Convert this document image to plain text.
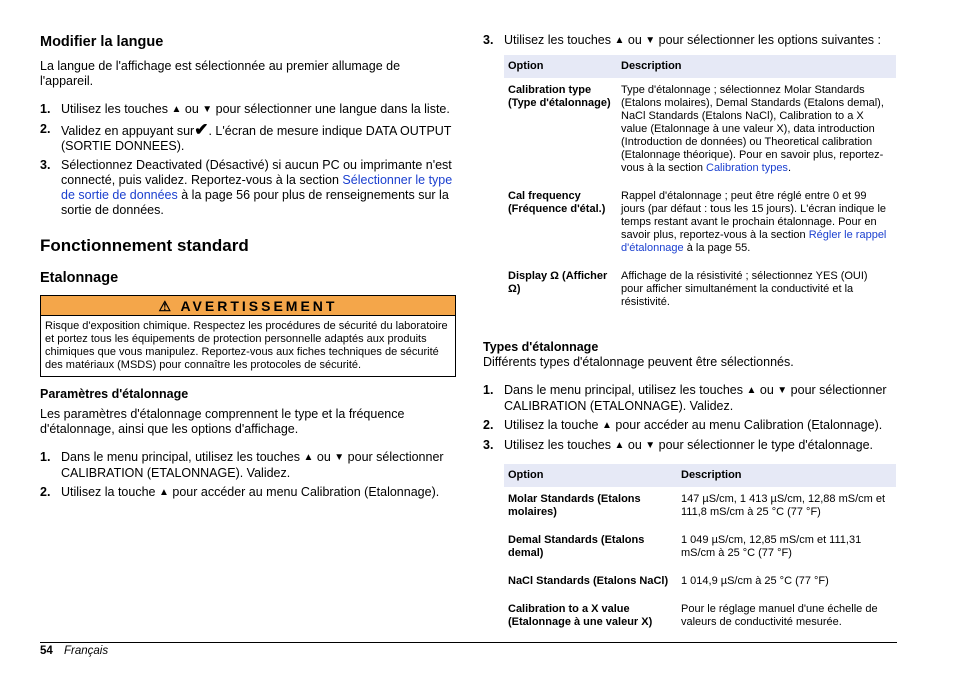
Modifier la langue

La langue de l'affichage est sélectionnée au premier allumage de l'appareil.

1. Utilisez les touches ▲ ou ▼ pour sélectionner une langue dans la liste.
2. Validez en appuyant sur✔. L'écran de mesure indique DATA OUTPUT (SORTIE DONNEES).
3. Sélectionnez Deactivated (Désactivé) si aucun PC ou imprimante n'est connecté, puis validez. Reportez-vous à la section Sélectionner le type de sortie de données à la page 56 pour plus de renseignements sur la sortie de données.
Fonctionnement standard
Etalonnage
⚠ AVERTISSEMENT
Risque d'exposition chimique. Respectez les procédures de sécurité du laboratoire et portez tous les équipements de protection personnelle adaptés aux produits chimiques que vous manipulez. Reportez-vous aux fiches techniques de sécurité des matériaux (MSDS) pour connaître les protocoles de sécurité.
Paramètres d'étalonnage

Les paramètres d'étalonnage comprennent le type et la fréquence d'étalonnage, ainsi que les options d'affichage.

1. Dans le menu principal, utilisez les touches ▲ ou ▼ pour sélectionner CALIBRATION (ETALONNAGE). Validez.
2. Utilisez la touche ▲ pour accéder au menu Calibration (Etalonnage).
3. Utilisez les touches ▲ ou ▼ pour sélectionner les options suivantes :
Option	Description
Calibration type (Type d'étalonnage)	Type d'étalonnage ; sélectionnez Molar Standards (Etalons molaires), Demal Standards (Etalons demal), NaCl Standards (Etalons NaCl), Calibration to a X value (Etalonnage à une valeur X), data introduction (Introduction de données) ou Theoretical calibration (Etalonnage théorique). Pour en savoir plus, reportez-vous à la section Calibration types.
Cal frequency (Fréquence d'étal.)	Rappel d'étalonnage ; peut être réglé entre 0 et 99 jours (par défaut : tous les 15 jours). L'écran indique le temps restant avant le prochain étalonnage. Pour en savoir plus, reportez-vous à la section Régler le rappel d'étalonnage à la page 55.
Display Ω (Afficher Ω)	Affichage de la résistivité ; sélectionnez YES (OUI) pour afficher simultanément la conductivité et la résistivité.
Types d'étalonnage

Différents types d'étalonnage peuvent être sélectionnés.

1. Dans le menu principal, utilisez les touches ▲ ou ▼ pour sélectionner CALIBRATION (ETALONNAGE). Validez.
2. Utilisez la touche ▲ pour accéder au menu Calibration (Etalonnage).
3. Utilisez les touches ▲ ou ▼ pour sélectionner le type d'étalonnage.
Option	Description
Molar Standards (Etalons molaires)	147 µS/cm, 1 413 µS/cm, 12,88 mS/cm et 111,8 mS/cm à 25 °C (77 °F)
Demal Standards (Etalons demal)	1 049 µS/cm, 12,85 mS/cm et 111,31 mS/cm à 25 °C (77 °F)
NaCl Standards (Etalons NaCl)	1 014,9 µS/cm à 25 °C (77 °F)
Calibration to a X value (Etalonnage à une valeur X)	Pour le réglage manuel d'une échelle de valeurs de conductivité mesurée.
54 Français
